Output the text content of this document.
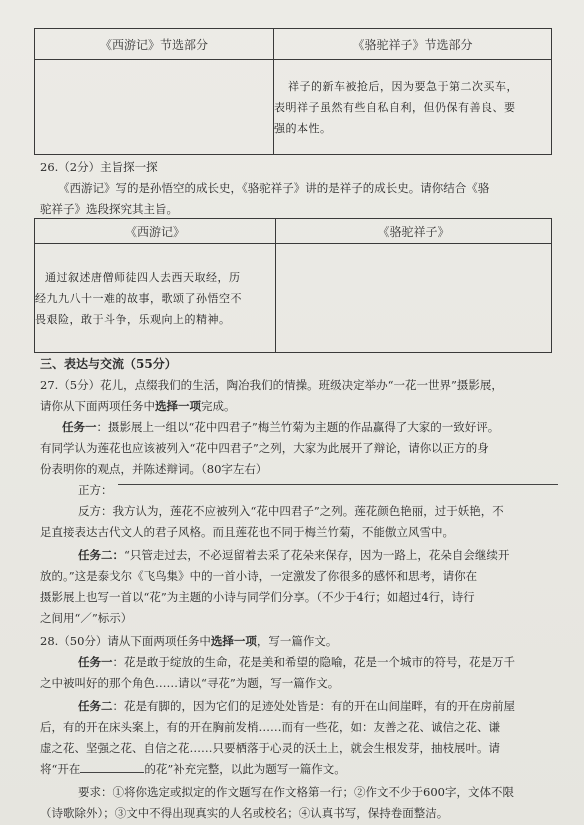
《西游记》节选部分	《骆驼祥子》节选部分

	祥子的新车被抢后，因为要急于第二次买车，
表明祥子虽然有些自私自利，但仍保有善良、要
强的本性。
26.（2分）主旨探一探
《西游记》写的是孙悟空的成长史，《骆驼祥子》讲的是祥子的成长史。请你结合《骆
驼祥子》选段探究其主旨。
《西游记》	《骆驼祥子》

通过叙述唐僧师徒四人去西天取经，历
经九九八十一难的故事，歌颂了孙悟空不
畏艰险，敢于斗争，乐观向上的精神。	

三、表达与交流（55分）
27.（5分）花儿，点缀我们的生活，陶冶我们的情操。班级决定举办“一花一世界”摄影展，
请你从下面两项任务中选择一项完成。
任务一：摄影展上一组以“花中四君子”梅兰竹菊为主题的作品赢得了大家的一致好评。
有同学认为莲花也应该被列入“花中四君子”之列，大家为此展开了辩论，请你以正方的身
份表明你的观点，并陈述辩词。（80字左右）
正方：
反方：我方认为，莲花不应被列入“花中四君子”之列。莲花颜色艳丽，过于妖艳，不
足直接表达古代文人的君子风格。而且莲花也不同于梅兰竹菊，不能傲立风雪中。
任务二：“只管走过去，不必逗留着去采了花朵来保存，因为一路上，花朵自会继续开
放的。”这是泰戈尔《飞鸟集》中的一首小诗，一定激发了你很多的感怀和思考，请你在
摄影展上也写一首以“花”为主题的小诗与同学们分享。（不少于4行；如超过4行，诗行
之间用“／”标示）
28.（50分）请从下面两项任务中选择一项，写一篇作文。
任务一：花是敢于绽放的生命，花是美和希望的隐喻，花是一个城市的符号，花是万千
之中被叫好的那个角色……请以“寻花”为题，写一篇作文。
任务二：花是有脚的，因为它们的足迹处处皆是：有的开在山间崖畔，有的开在房前屋
后，有的开在床头案上，有的开在胸前发梢……而有一些花，如：友善之花、诚信之花、谦
虚之花、坚强之花、自信之花……只要栖落于心灵的沃土上，就会生根发芽，抽枝展叶。请
将“开在	的花”补充完整，以此为题写一篇作文。
要求：①将你选定或拟定的作文题写在作文格第一行；②作文不少于600字，文体不限
（诗歌除外）；③文中不得出现真实的人名或校名；④认真书写，保持卷面整洁。
